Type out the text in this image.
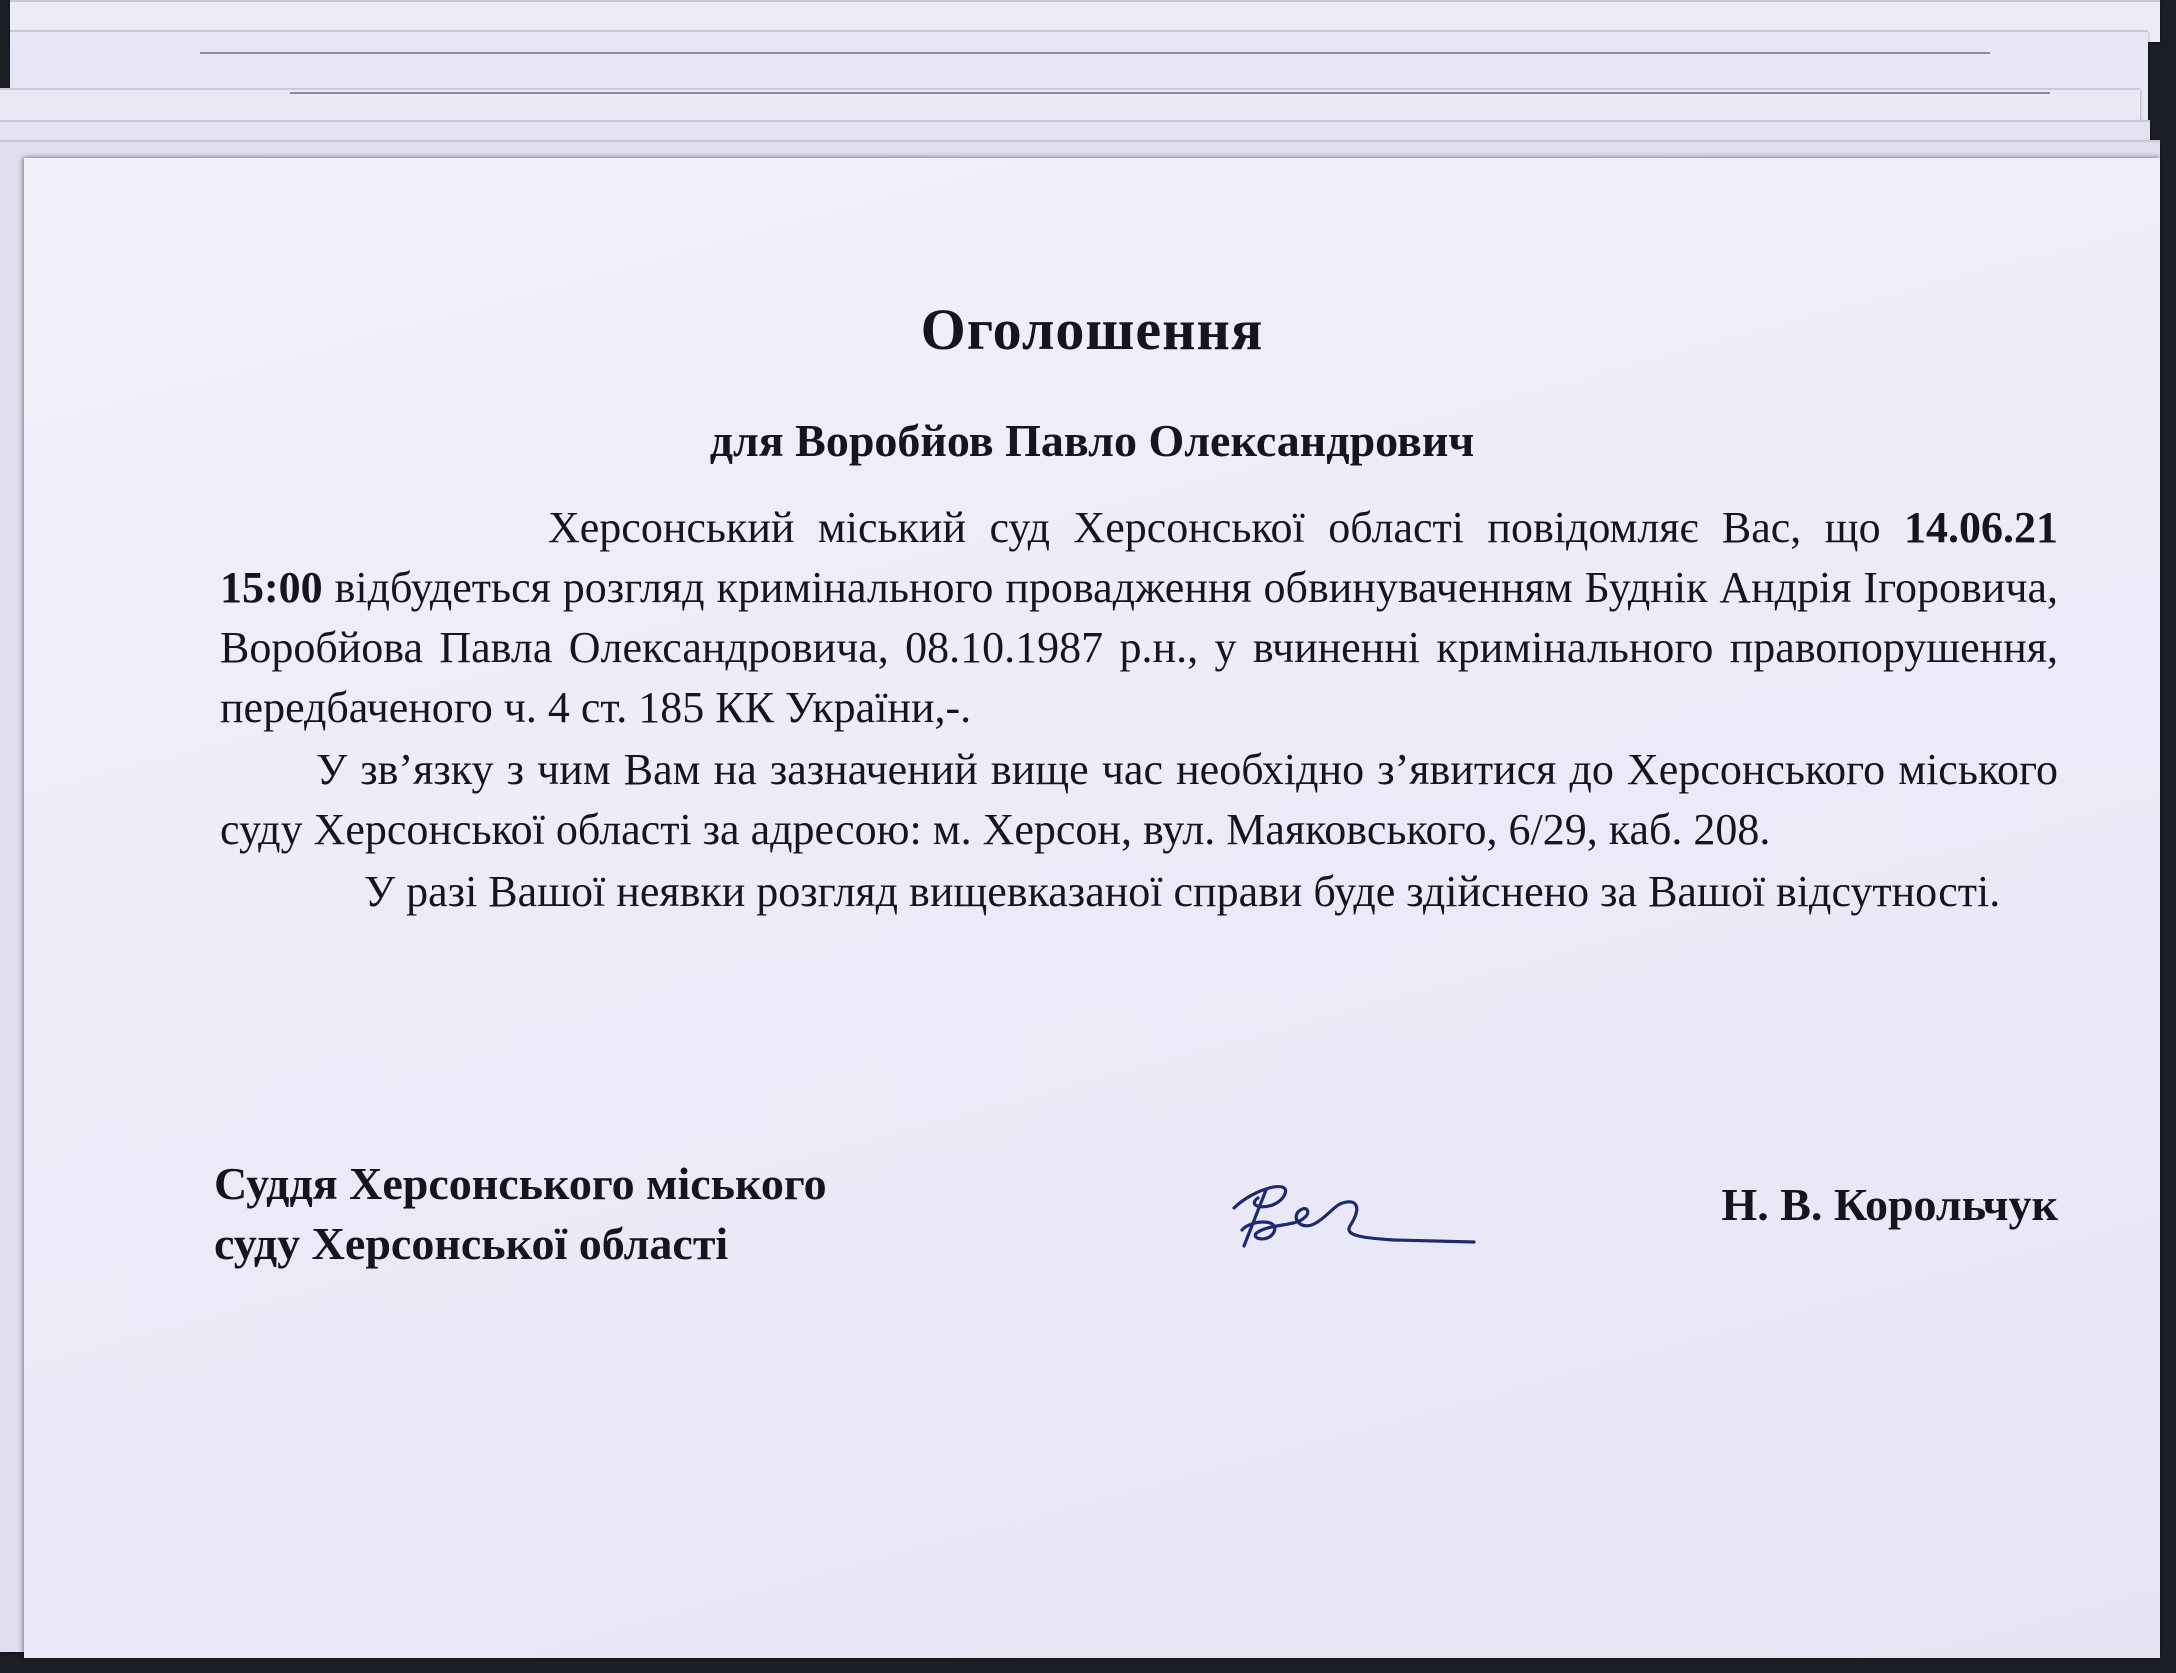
Оголошення
для Воробйов Павло Олександрович

Херсонський міський суд Херсонської області повідомляє Вас, що 14.06.21 15:00 відбудеться розгляд кримінального провадження обвинуваченням Буднік Андрія Ігоровича, Воробйова Павла Олександровича, 08.10.1987 р.н., у вчиненні кримінального правопорушення, передбаченого ч. 4 ст. 185 КК України,-.

У зв’язку з чим Вам на зазначений вище час необхідно з’явитися до Херсонського міського суду Херсонської області за адресою: м. Херсон, вул. Маяковського, 6/29, каб. 208.

У разі Вашої неявки розгляд вищевказаної справи буде здійснено за Вашої відсутності.

Суддя Херсонського міського
суду Херсонської області
Н. В. Корольчук
